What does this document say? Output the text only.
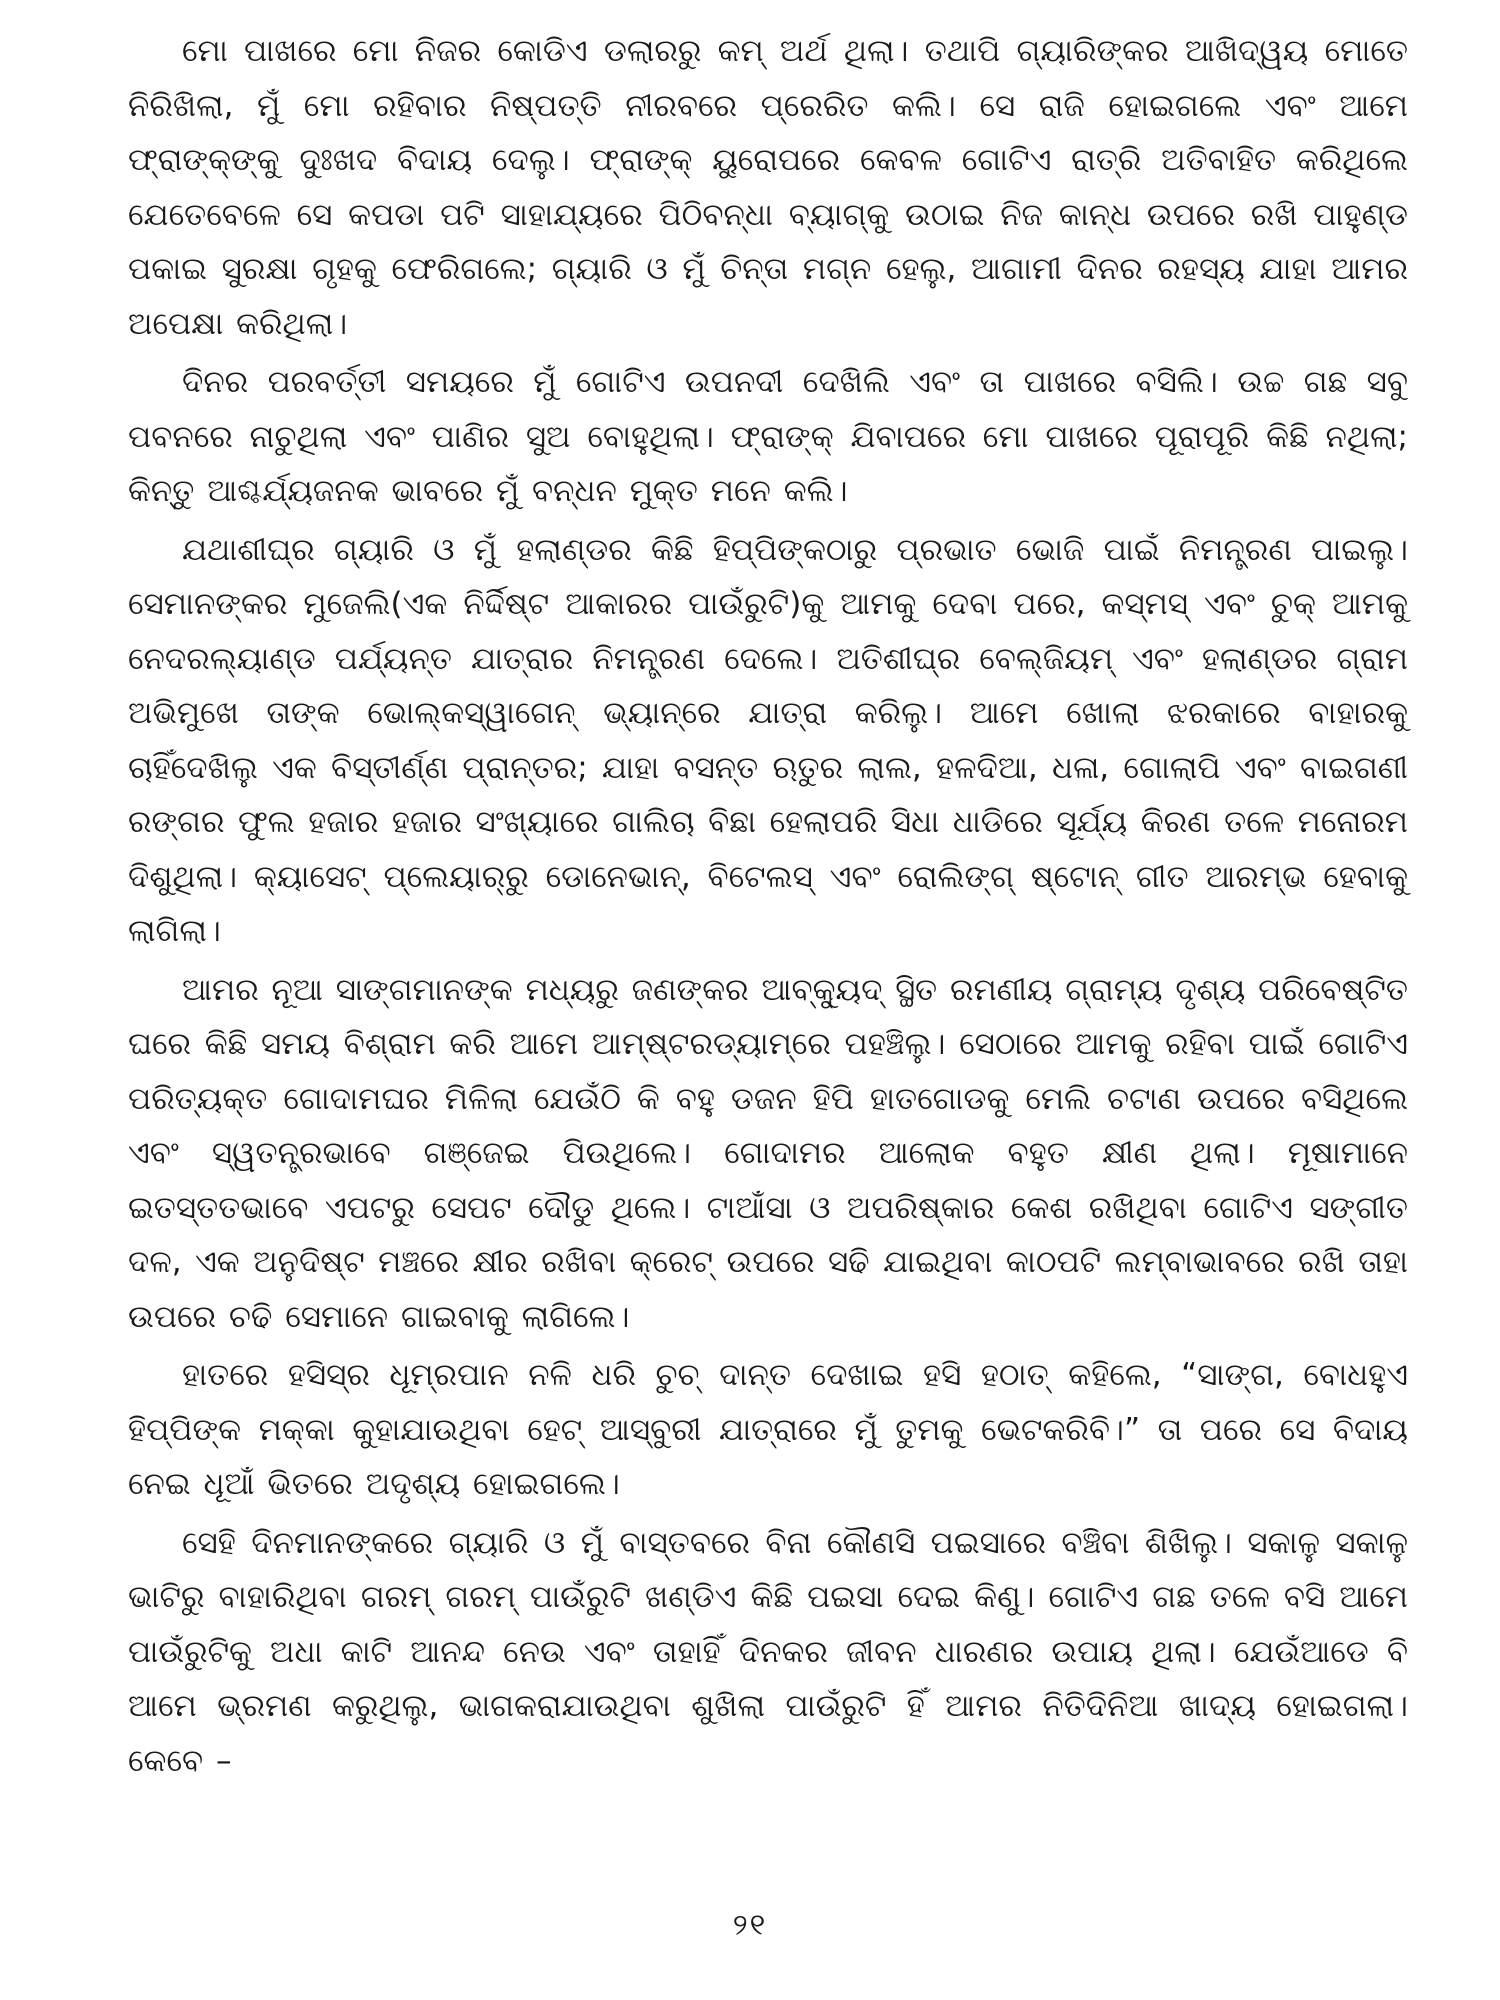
ମୋ ପାଖରେ ମୋ ନିଜର କୋଡିଏ ଡଲାରରୁ କମ୍ ଅର୍ଥ ଥିଲା। ତଥାପି ଗ୍ୟାରିଙ୍କର ଆଖିଦ୍ୱୟ ମୋତେ ନିରିଖିଲା, ମୁଁ ମୋ ରହିବାର ନିଷ୍ପତ୍ତି ନୀରବରେ ପ୍ରେରିତ କଲି। ସେ ରାଜି ହୋଇଗଲେ ଏବଂ ଆମେ ଫ୍ରାଙ୍କ୍‌ଙ୍କୁ ଦୁଃଖଦ ବିଦାୟ ଦେଲୁ। ଫ୍ରାଙ୍କ୍ ୟୁରୋପରେ କେବଳ ଗୋଟିଏ ରାତ୍ରି ଅତିବାହିତ କରିଥିଲେ ଯେତେବେଳେ ସେ କପଡା ପଟି ସାହାଯ୍ୟରେ ପିଠିବନ୍ଧା ବ୍ୟାଗ୍‌କୁ ଉଠାଇ ନିଜ କାନ୍ଧ ଉପରେ ରଖି ପାହୁଣ୍ଡ ପକାଇ ସୁରକ୍ଷା ଗୃହକୁ ଫେରିଗଲେ; ଗ୍ୟାରି ଓ ମୁଁ ଚିନ୍ତା ମଗ୍ନ ହେଲୁ, ଆଗାମୀ ଦିନର ରହସ୍ୟ ଯାହା ଆମର ଅପେକ୍ଷା କରିଥିଲା।

ଦିନର ପରବର୍ତ୍ତୀ ସମୟରେ ମୁଁ ଗୋଟିଏ ଉପନଦୀ ଦେଖିଲି ଏବଂ ତା ପାଖରେ ବସିଲି। ଉଚ୍ଚ ଗଛ ସବୁ ପବନରେ ନାଚୁଥିଲା ଏବଂ ପାଣିର ସୁଅ ବୋହୁଥିଲା। ଫ୍ରାଙ୍କ୍ ଯିବାପରେ ମୋ ପାଖରେ ପୂରାପୂରି କିଛି ନଥିଲା; କିନ୍ତୁ ଆଶ୍ଚର୍ଯ୍ୟଜନକ ଭାବରେ ମୁଁ ବନ୍ଧନ ମୁକ୍ତ ମନେ କଲି।

ଯଥାଶୀଘ୍ର ଗ୍ୟାରି ଓ ମୁଁ ହଲାଣ୍ଡର କିଛି ହିପ୍ପିଙ୍କଠାରୁ ପ୍ରଭାତ ଭୋଜି ପାଇଁ ନିମନ୍ତ୍ରଣ ପାଇଲୁ। ସେମାନଙ୍କର ମୁଜେଲି(ଏକ ନିର୍ଦ୍ଦିଷ୍ଟ ଆକାରର ପାଉଁରୁଟି)କୁ ଆମକୁ ଦେବା ପରେ, କସ୍‌ମସ୍ ଏବଂ ଚୁକ୍ ଆମକୁ ନେଦରଲ୍ୟାଣ୍ଡ ପର୍ଯ୍ୟନ୍ତ ଯାତ୍ରାର ନିମନ୍ତ୍ରଣ ଦେଲେ। ଅତିଶୀଘ୍ର ବେଲ୍‌ଜିୟମ୍ ଏବଂ ହଲାଣ୍ଡର ଗ୍ରାମ ଅଭିମୁଖେ ତାଙ୍କ ଭୋଲ୍‌କସ୍‌ୱାଗେନ୍ ଭ୍ୟାନ୍‌ରେ ଯାତ୍ରା କରିଲୁ। ଆମେ ଖୋଲା ଝରକାରେ ବାହାରକୁ ଚାହିଁଦେଖିଲୁ ଏକ ବିସ୍ତୀର୍ଣ୍ଣ ପ୍ରାନ୍ତର; ଯାହା ବସନ୍ତ ଋତୁର ଲାଲ, ହଳଦିଆ, ଧଳା, ଗୋଲାପି ଏବଂ ବାଇଗଣୀ ରଙ୍ଗର ଫୁଲ ହଜାର ହଜାର ସଂଖ୍ୟାରେ ଗାଲିଚା ବିଛା ହେଲାପରି ସିଧା ଧାଡିରେ ସୂର୍ଯ୍ୟ କିରଣ ତଳେ ମନୋରମ ଦିଶୁଥିଲା। କ୍ୟାସେଟ୍ ପ୍ଲେୟାର୍‌ରୁ ଡୋନେଭାନ୍, ବିଟେଲସ୍ ଏବଂ ରୋଲିଙ୍ଗ୍ ଷ୍ଟୋନ୍ ଗୀତ ଆରମ୍ଭ ହେବାକୁ ଲାଗିଲା।

ଆମର ନୂଆ ସାଙ୍ଗମାନଙ୍କ ମଧ୍ୟରୁ ଜଣଙ୍କର ଆବ୍‌କ୍ୟୁଦ୍ ସ୍ଥିତ ରମଣୀୟ ଗ୍ରାମ୍ୟ ଦୃଶ୍ୟ ପରିବେଷ୍ଟିତ ଘରେ କିଛି ସମୟ ବିଶ୍ରାମ କରି ଆମେ ଆମ୍‌ଷ୍ଟରଡ୍ୟାମ୍‌ରେ ପହଞ୍ଚିଲୁ। ସେଠାରେ ଆମକୁ ରହିବା ପାଇଁ ଗୋଟିଏ ପରିତ୍ୟକ୍ତ ଗୋଦାମଘର ମିଳିଲା ଯେଉଁଠି କି ବହୁ ଡଜନ ହିପି ହାତଗୋଡକୁ ମେଲି ଚଟାଣ ଉପରେ ବସିଥିଲେ ଏବଂ ସ୍ୱତନ୍ତ୍ରଭାବେ ଗଞ୍ଜେଇ ପିଉଥିଲେ। ଗୋଦାମର ଆଲୋକ ବହୁତ କ୍ଷୀଣ ଥିଲା। ମୂଷାମାନେ ଇତସ୍ତତଭାବେ ଏପଟରୁ ସେପଟ ଦୌଡୁ ଥିଲେ। ଟାଆଁସା ଓ ଅପରିଷ୍କାର କେଶ ରଖିଥିବା ଗୋଟିଏ ସଙ୍ଗୀତ ଦଳ, ଏକ ଅନୁଦିଷ୍ଟ ମଞ୍ଚରେ କ୍ଷୀର ରଖିବା କ୍ରେଟ୍ ଉପରେ ସଢି ଯାଇଥିବା କାଠପଟି ଲମ୍ବାଭାବରେ ରଖି ତାହା ଉପରେ ଚଢି ସେମାନେ ଗାଇବାକୁ ଲାଗିଲେ।

ହାତରେ ହସିସ୍‌ର ଧୂମ୍ରପାନ ନଳି ଧରି ଚୁଚ୍ ଦାନ୍ତ ଦେଖାଇ ହସି ହଠାତ୍ କହିଲେ, “ସାଙ୍ଗ, ବୋଧହୁଏ ହିପ୍ପିଙ୍କ ମକ୍କା କୁହାଯାଉଥିବା ହେଟ୍ ଆସ୍‌ବୁରୀ ଯାତ୍ରାରେ ମୁଁ ତୁମକୁ ଭେଟକରିବି।” ତା ପରେ ସେ ବିଦାୟ ନେଇ ଧୂଆଁ ଭିତରେ ଅଦୃଶ୍ୟ ହୋଇଗଲେ।

ସେହି ଦିନମାନଙ୍କରେ ଗ୍ୟାରି ଓ ମୁଁ ବାସ୍ତବରେ ବିନା କୌଣସି ପଇସାରେ ବଞ୍ଚିବା ଶିଖିଲୁ। ସକାଳୁ ସକାଳୁ ଭାଟିରୁ ବାହାରିଥିବା ଗରମ୍ ଗରମ୍ ପାଉଁରୁଟି ଖଣ୍ଡିଏ କିଛି ପଇସା ଦେଇ କିଣୁ। ଗୋଟିଏ ଗଛ ତଳେ ବସି ଆମେ ପାଉଁରୁଟିକୁ ଅଧା କାଟି ଆନନ୍ଦ ନେଉ ଏବଂ ତାହାହିଁ ଦିନକର ଜୀବନ ଧାରଣର ଉପାୟ ଥିଲା। ଯେଉଁଆଡେ ବି ଆମେ ଭ୍ରମଣ କରୁଥିଲୁ, ଭାଗକରାଯାଉଥିବା ଶୁଖିଲା ପାଉଁରୁଟି ହିଁ ଆମର ନିତିଦିନିଆ ଖାଦ୍ୟ ହୋଇଗଲା। କେବେ –

୨୧
